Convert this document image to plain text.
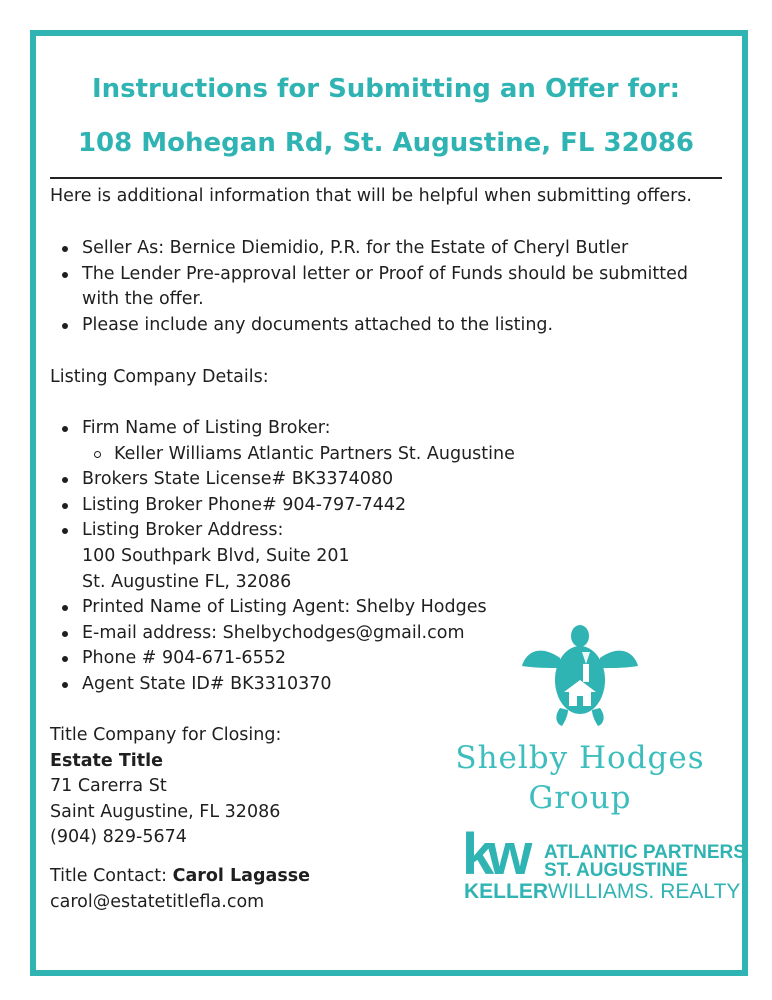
Instructions for Submitting an Offer for:
108 Mohegan Rd, St. Augustine, FL 32086
Here is additional information that will be helpful when submitting offers.
Seller As: Bernice Diemidio, P.R. for the Estate of Cheryl Butler
The Lender Pre-approval letter or Proof of Funds should be submitted with the offer.
Please include any documents attached to the listing.
Listing Company Details:
Firm Name of Listing Broker:
Keller Williams Atlantic Partners St. Augustine
Brokers State License# BK3374080
Listing Broker Phone# 904-797-7442
Listing Broker Address:
100 Southpark Blvd, Suite 201
St. Augustine FL, 32086
Printed Name of Listing Agent: Shelby Hodges
E-mail address: Shelbychodges@gmail.com
Phone # 904-671-6552
Agent State ID# BK3310370
Title Company for Closing:
Estate Title
71 Carerra St
Saint Augustine, FL 32086
(904) 829-5674
Title Contact: Carol Lagasse
carol@estatetitlefla.com
Shelby Hodges
Group
kw ATLANTIC PARTNERS
ST. AUGUSTINE
KELLERWILLIAMS. REALTY
